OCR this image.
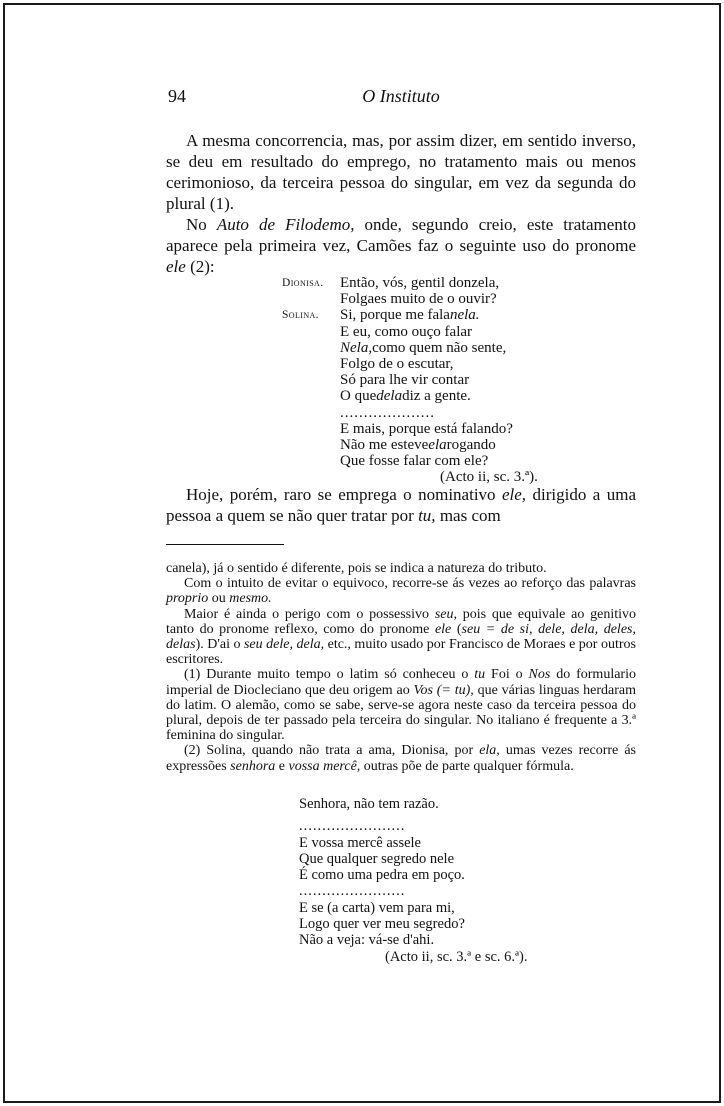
94	O Instituto

A mesma concorrencia, mas, por assim dizer, em sentido inverso, se deu em resultado do emprego, no tratamento mais ou menos cerimonioso, da terceira pessoa do singular, em vez da segunda do plural (1).

No Auto de Filodemo, onde, segundo creio, este tratamento aparece pela primeira vez, Camões faz o seguinte uso do pronome ele (2):

Dionisa.	Então, vós, gentil donzela,
Folgaes muito de o ouvir?
Solina.	Si, porque me fala nela.
E eu, como ouço falar
Nela, como quem não sente,
Folgo de o escutar,
Só para lhe vir contar
O que dela diz a gente.
....................
E mais, porque está falando?
Não me esteve ela rogando
Que fosse falar com ele?
(Acto ii, sc. 3.ª).

Hoje, porém, raro se emprega o nominativo ele, dirigido a uma pessoa a quem se não quer tratar por tu, mas com

canela), já o sentido é diferente, pois se indica a natureza do tributo.

Com o intuito de evitar o equivoco, recorre-se ás vezes ao reforço das palavras proprio ou mesmo.

Maior é ainda o perigo com o possessivo seu, pois que equivale ao genitivo tanto do pronome reflexo, como do pronome ele (seu = de si, dele, dela, deles, delas). D'ai o seu dele, dela, etc., muito usado por Francisco de Moraes e por outros escritores.

(1) Durante muito tempo o latim só conheceu o tu Foi o Nos do formulario imperial de Diocleciano que deu origem ao Vos (= tu), que várias linguas herdaram do latim. O alemão, como se sabe, serve-se agora neste caso da terceira pessoa do plural, depois de ter passado pela terceira do singular. No italiano é frequente a 3.ª feminina do singular.

(2) Solina, quando não trata a ama, Dionisa, por ela, umas vezes recorre ás expressões senhora e vossa mercê, outras põe de parte qualquer fórmula.

Senhora, não tem razão.
.......................
E vossa mercê assele
Que qualquer segredo nele
É como uma pedra em poço.
.......................
E se (a carta) vem para mi,
Logo quer ver meu segredo?
Não a veja: vá-se d'ahi.
(Acto ii, sc. 3.ª e sc. 6.ª).
